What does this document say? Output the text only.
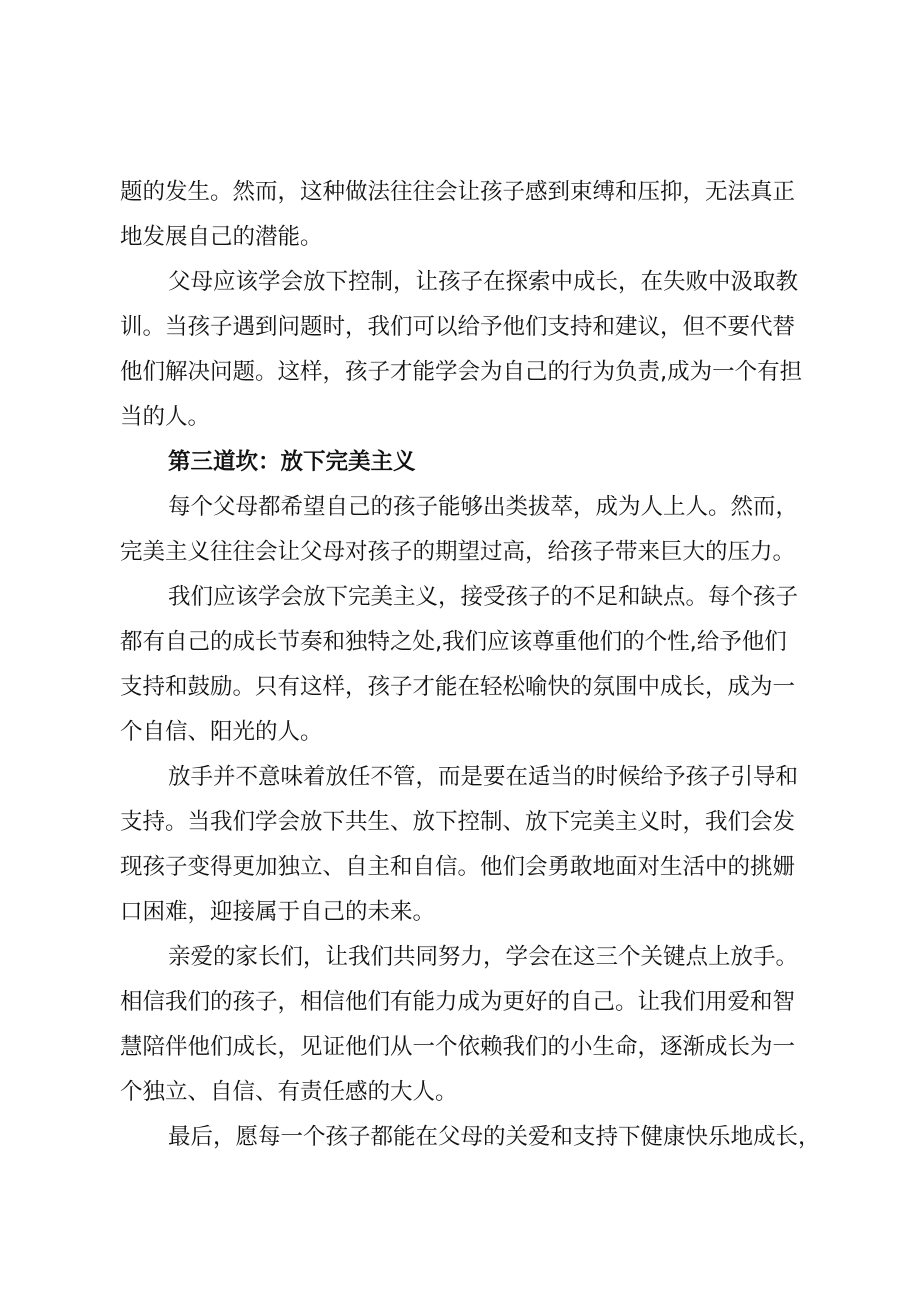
题的发生。然而，这种做法往往会让孩子感到束缚和压抑，无法真正
地发展自己的潜能。
父母应该学会放下控制，让孩子在探索中成长，在失败中汲取教
训。当孩子遇到问题时，我们可以给予他们支持和建议，但不要代替
他们解决问题。这样，孩子才能学会为自己的行为负责,成为一个有担
当的人。
第三道坎：放下完美主义
每个父母都希望自己的孩子能够出类拔萃，成为人上人。然而，
完美主义往往会让父母对孩子的期望过高，给孩子带来巨大的压力。
我们应该学会放下完美主义，接受孩子的不足和缺点。每个孩子
都有自己的成长节奏和独特之处,我们应该尊重他们的个性,给予他们
支持和鼓励。只有这样，孩子才能在轻松喻快的氛围中成长，成为一
个自信、阳光的人。
放手并不意味着放任不管，而是要在适当的时候给予孩子引导和
支持。当我们学会放下共生、放下控制、放下完美主义时，我们会发
现孩子变得更加独立、自主和自信。他们会勇敢地面对生活中的挑姗
口困难，迎接属于自己的未来。
亲爱的家长们，让我们共同努力，学会在这三个关键点上放手。
相信我们的孩子，相信他们有能力成为更好的自己。让我们用爱和智
慧陪伴他们成长，见证他们从一个依赖我们的小生命，逐渐成长为一
个独立、自信、有责任感的大人。
最后，愿每一个孩子都能在父母的关爱和支持下健康快乐地成长，
